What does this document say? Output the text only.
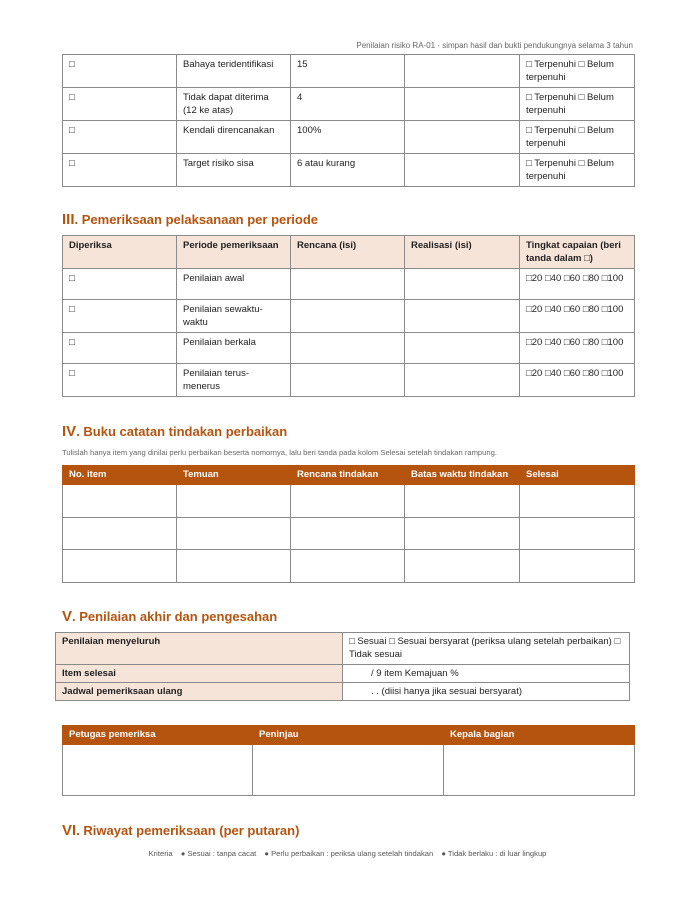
Penilaian risiko RA-01 · simpan hasil dan bukti pendukungnya selama 3 tahun
□	Bahaya teridentifikasi	15		□ Terpenuhi □ Belum terpenuhi
□	Tidak dapat diterima (12 ke atas)	4		□ Terpenuhi □ Belum terpenuhi
□	Kendali direncanakan	100%		□ Terpenuhi □ Belum terpenuhi
□	Target risiko sisa	6 atau kurang		□ Terpenuhi □ Belum terpenuhi
III. Pemeriksaan pelaksanaan per periode
Diperiksa	Periode pemeriksaan	Rencana (isi)	Realisasi (isi)	Tingkat capaian (beri tanda dalam □)
□	Penilaian awal			□20 □40 □60 □80 □100
□	Penilaian sewaktu-waktu			□20 □40 □60 □80 □100
□	Penilaian berkala			□20 □40 □60 □80 □100
□	Penilaian terus-menerus			□20 □40 □60 □80 □100
IV. Buku catatan tindakan perbaikan
Tulislah hanya item yang dinilai perlu perbaikan beserta nomornya, lalu beri tanda pada kolom Selesai setelah tindakan rampung.
No. item	Temuan	Rencana tindakan	Batas waktu tindakan	Selesai

V. Penilaian akhir dan pengesahan
Penilaian menyeluruh	□ Sesuai □ Sesuai bersyarat (periksa ulang setelah perbaikan) □ Tidak sesuai
Item selesai	/ 9 item Kemajuan %
Jadwal pemeriksaan ulang	. . (diisi hanya jika sesuai bersyarat)
Petugas pemeriksa	Peninjau	Kepala bagian

VI. Riwayat pemeriksaan (per putaran)
Kriteria ● Sesuai : tanpa cacat ● Perlu perbaikan : periksa ulang setelah tindakan ● Tidak berlaku : di luar lingkup
